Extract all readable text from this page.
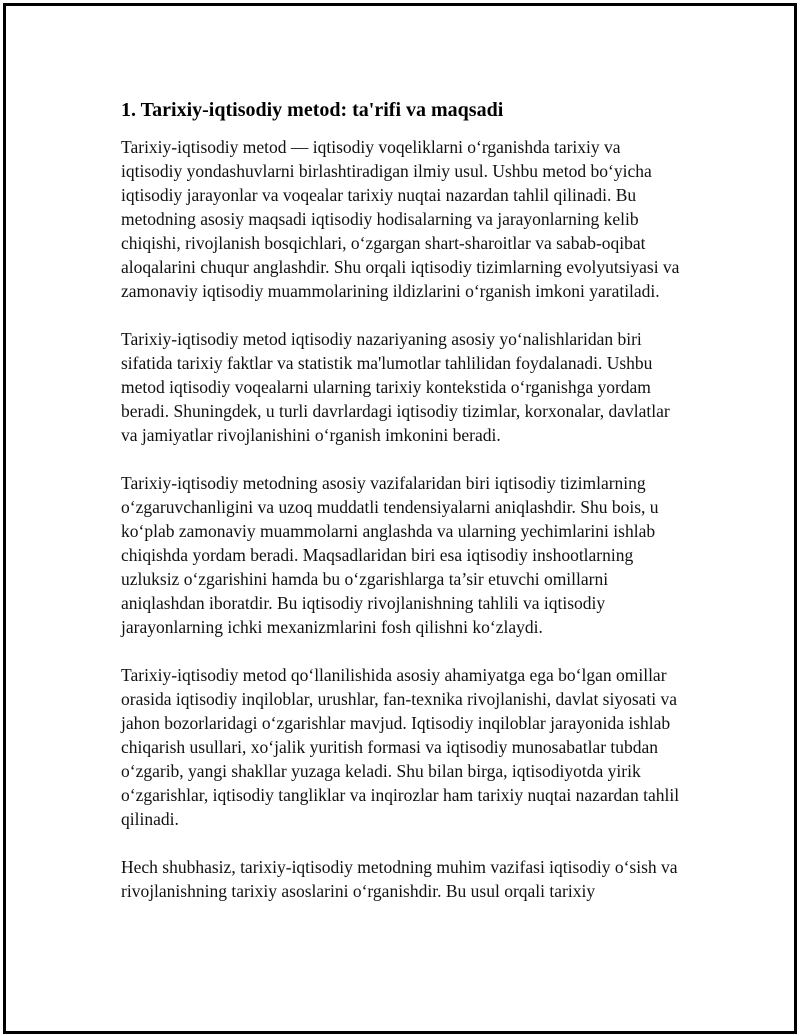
1. Tarixiy-iqtisodiy metod: ta'rifi va maqsadi

Tarixiy-iqtisodiy metod — iqtisodiy voqeliklarni o‘rganishda tarixiy va iqtisodiy yondashuvlarni birlashtiradigan ilmiy usul. Ushbu metod bo‘yicha iqtisodiy jarayonlar va voqealar tarixiy nuqtai nazardan tahlil qilinadi. Bu metodning asosiy maqsadi iqtisodiy hodisalarning va jarayonlarning kelib chiqishi, rivojlanish bosqichlari, o‘zgargan shart-sharoitlar va sabab-oqibat aloqalarini chuqur anglashdir. Shu orqali iqtisodiy tizimlarning evolyutsiyasi va zamonaviy iqtisodiy muammolarining ildizlarini o‘rganish imkoni yaratiladi.

Tarixiy-iqtisodiy metod iqtisodiy nazariyaning asosiy yo‘nalishlaridan biri sifatida tarixiy faktlar va statistik ma'lumotlar tahlilidan foydalanadi. Ushbu metod iqtisodiy voqealarni ularning tarixiy kontekstida o‘rganishga yordam beradi. Shuningdek, u turli davrlardagi iqtisodiy tizimlar, korxonalar, davlatlar va jamiyatlar rivojlanishini o‘rganish imkonini beradi.

Tarixiy-iqtisodiy metodning asosiy vazifalaridan biri iqtisodiy tizimlarning o‘zgaruvchanligini va uzoq muddatli tendensiyalarni aniqlashdir. Shu bois, u ko‘plab zamonaviy muammolarni anglashda va ularning yechimlarini ishlab chiqishda yordam beradi. Maqsadlaridan biri esa iqtisodiy inshootlarning uzluksiz o‘zgarishini hamda bu o‘zgarishlarga ta’sir etuvchi omillarni aniqlashdan iboratdir. Bu iqtisodiy rivojlanishning tahlili va iqtisodiy jarayonlarning ichki mexanizmlarini fosh qilishni ko‘zlaydi.

Tarixiy-iqtisodiy metod qo‘llanilishida asosiy ahamiyatga ega bo‘lgan omillar orasida iqtisodiy inqiloblar, urushlar, fan-texnika rivojlanishi, davlat siyosati va jahon bozorlaridagi o‘zgarishlar mavjud. Iqtisodiy inqiloblar jarayonida ishlab chiqarish usullari, xo‘jalik yuritish formasi va iqtisodiy munosabatlar tubdan o‘zgarib, yangi shakllar yuzaga keladi. Shu bilan birga, iqtisodiyotda yirik o‘zgarishlar, iqtisodiy tangliklar va inqirozlar ham tarixiy nuqtai nazardan tahlil qilinadi.

Hech shubhasiz, tarixiy-iqtisodiy metodning muhim vazifasi iqtisodiy o‘sish va rivojlanishning tarixiy asoslarini o‘rganishdir. Bu usul orqali tarixiy
